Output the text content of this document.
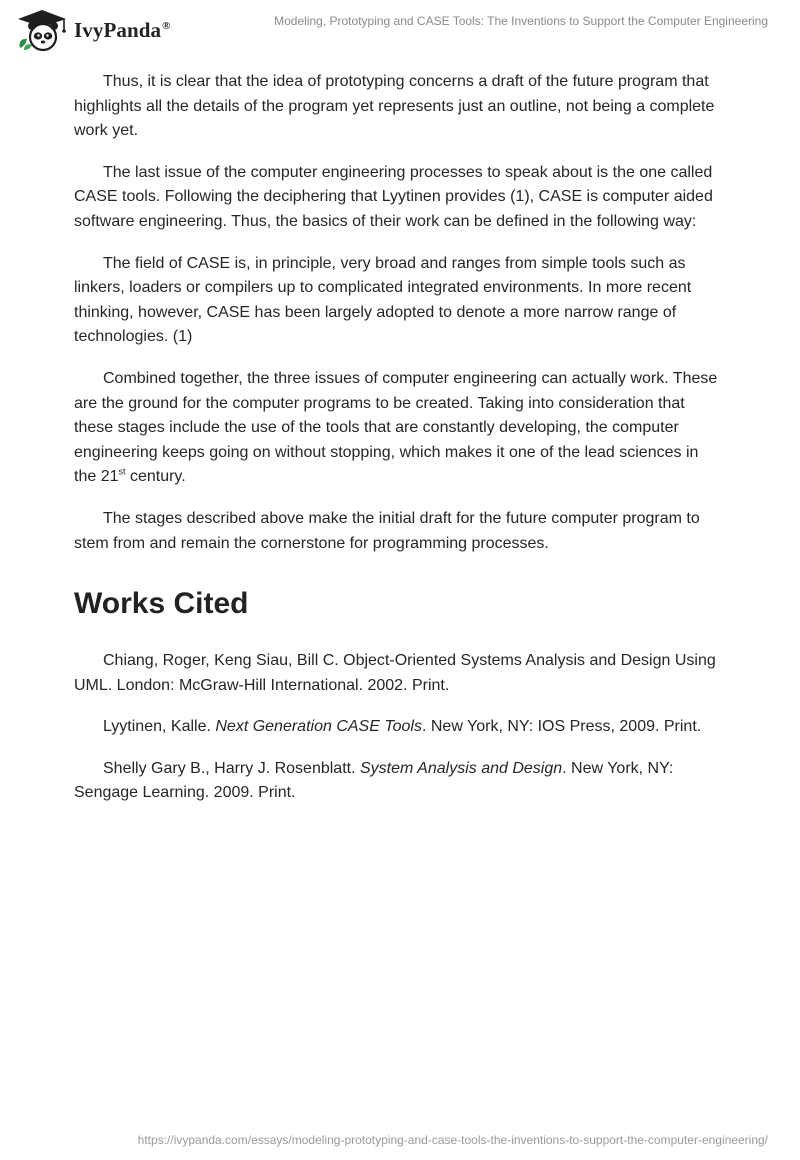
IvyPanda®	Modeling, Prototyping and CASE Tools: The Inventions to Support the Computer Engineering

Thus, it is clear that the idea of prototyping concerns a draft of the future program that highlights all the details of the program yet represents just an outline, not being a complete work yet.

The last issue of the computer engineering processes to speak about is the one called CASE tools. Following the deciphering that Lyytinen provides (1), CASE is computer aided software engineering. Thus, the basics of their work can be defined in the following way:

The field of CASE is, in principle, very broad and ranges from simple tools such as linkers, loaders or compilers up to complicated integrated environments. In more recent thinking, however, CASE has been largely adopted to denote a more narrow range of technologies. (1)

Combined together, the three issues of computer engineering can actually work. These are the ground for the computer programs to be created. Taking into consideration that these stages include the use of the tools that are constantly developing, the computer engineering keeps going on without stopping, which makes it one of the lead sciences in the 21st century.

The stages described above make the initial draft for the future computer program to stem from and remain the cornerstone for programming processes.

Works Cited

Chiang, Roger, Keng Siau, Bill C. Object-Oriented Systems Analysis and Design Using UML. London: McGraw-Hill International. 2002. Print.

Lyytinen, Kalle. Next Generation CASE Tools. New York, NY: IOS Press, 2009. Print.

Shelly Gary B., Harry J. Rosenblatt. System Analysis and Design. New York, NY: Sengage Learning. 2009. Print.

https://ivypanda.com/essays/modeling-prototyping-and-case-tools-the-inventions-to-support-the-computer-engineering/
